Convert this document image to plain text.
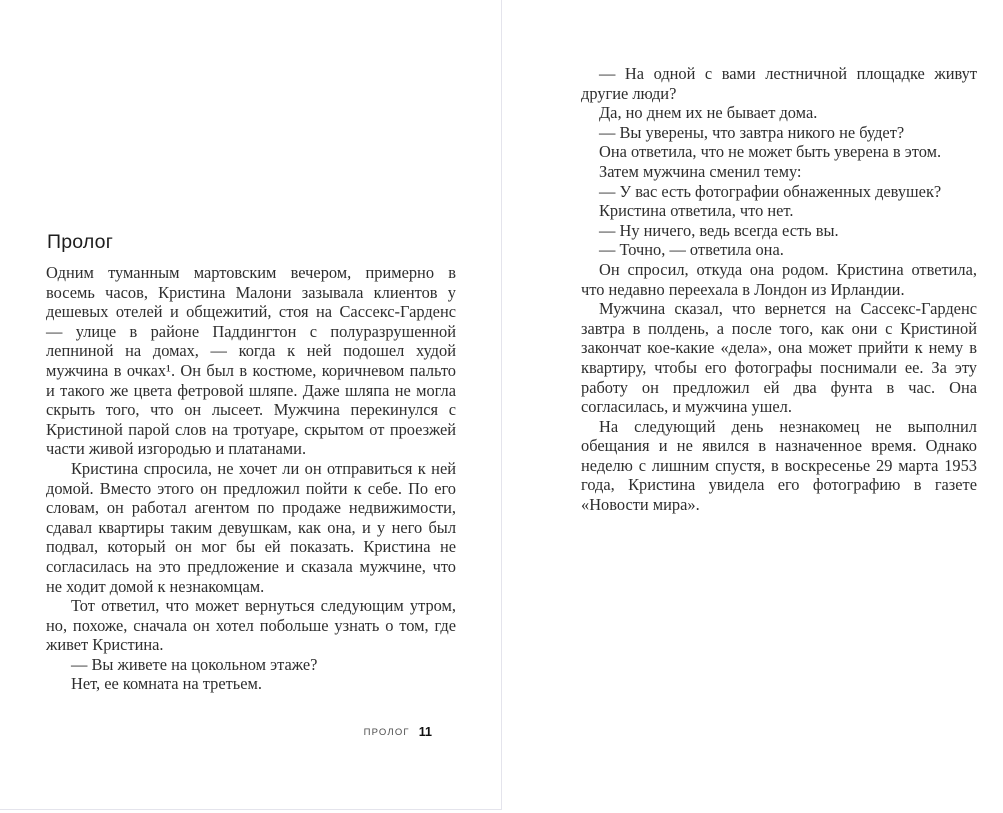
Пролог

Одним туманным мартовским вечером, примерно в восемь часов, Кристина Малони зазывала клиентов у дешевых отелей и общежитий, стоя на Сассекс-Гарденс — улице в районе Паддингтон с полуразрушенной лепниной на домах, — когда к ней подошел худой мужчина в очках¹. Он был в костюме, коричневом пальто и такого же цвета фетровой шляпе. Даже шляпа не могла скрыть того, что он лысеет. Мужчина перекинулся с Кристиной парой слов на тротуаре, скрытом от проезжей части живой изгородью и платанами.

Кристина спросила, не хочет ли он отправиться к ней домой. Вместо этого он предложил пойти к себе. По его словам, он работал агентом по продаже недвижимости, сдавал квартиры таким девушкам, как она, и у него был подвал, который он мог бы ей показать. Кристина не согласилась на это предложение и сказала мужчине, что не ходит домой к незнакомцам.

Тот ответил, что может вернуться следующим утром, но, похоже, сначала он хотел побольше узнать о том, где живет Кристина.

— Вы живете на цокольном этаже?

Нет, ее комната на третьем.

ПРОЛОГ 11

— На одной с вами лестничной площадке живут другие люди?

Да, но днем их не бывает дома.

— Вы уверены, что завтра никого не будет?

Она ответила, что не может быть уверена в этом.

Затем мужчина сменил тему:

— У вас есть фотографии обнаженных девушек?

Кристина ответила, что нет.

— Ну ничего, ведь всегда есть вы.

— Точно, — ответила она.

Он спросил, откуда она родом. Кристина ответила, что недавно переехала в Лондон из Ирландии.

Мужчина сказал, что вернется на Сассекс-Гарденс завтра в полдень, а после того, как они с Кристиной закончат кое-какие «дела», она может прийти к нему в квартиру, чтобы его фотографы поснимали ее. За эту работу он предложил ей два фунта в час. Она согласилась, и мужчина ушел.

На следующий день незнакомец не выполнил обещания и не явился в назначенное время. Однако неделю с лишним спустя, в воскресенье 29 марта 1953 года, Кристина увидела его фотографию в газете «Новости мира».
